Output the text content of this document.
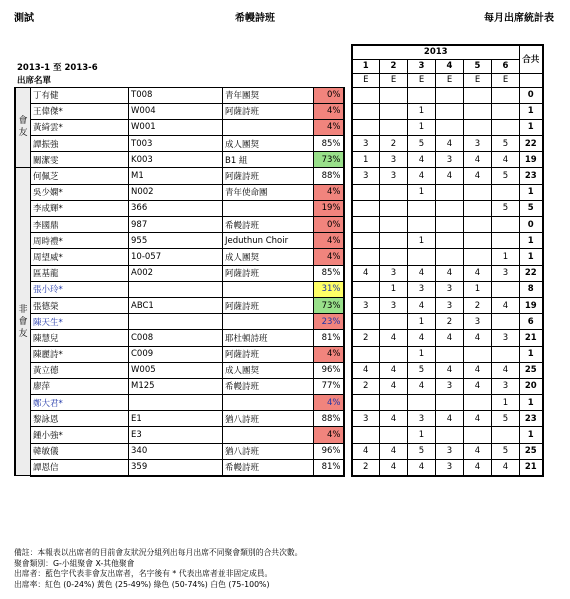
測試	希幔詩班	每月出席統計表
2013-1 至 2013-6						2013						合共
						1	2	3	4	5	6	
出席名單						E	E	E	E	E	E	

會友	丁有健	T008	青年團契	0%								0
	王偉傑*	W004	阿薩詩班	4%				1				1
	黃綺雲*	W001		4%				1				1
	譚振強	T003	成人團契	85%		3	2	5	4	3	5	22
	關潔雯	K003	B1 組	73%		1	3	4	3	4	4	19

非會友	何佩芝	M1	阿薩詩班	88%		3	3	4	4	4	5	23
	吳少嫻*	N002	青年使命團	4%				1				1
	李成輝*	366		19%							5	5
	李國鼎	987	希幔詩班	0%								0
	周時禮*	955	Jeduthun Choir	4%				1				1
	周望威*	10-057	成人團契	4%							1	1
	區基龍	A002	阿薩詩班	85%		4	3	4	4	4	3	22
	張小玲*			31%			1	3	3	1		8
	張德榮	ABC1	阿薩詩班	73%		3	3	4	3	2	4	19
	陳天生*			23%				1	2	3		6
	陳慧兒	C008	耶杜頓詩班	81%		2	4	4	4	4	3	21
	陳麗詩*	C009	阿薩詩班	4%				1				1
	黃立德	W005	成人團契	96%		4	4	5	4	4	4	25
	廖萍	M125	希幔詩班	77%		2	4	4	3	4	3	20
	鄭大君*			4%							1	1
	黎詠恩	E1	猶八詩班	88%		3	4	3	4	4	5	23
	鍾小強*	E3		4%				1				1
	韓敏儀	340	猶八詩班	96%		4	4	5	3	4	5	25
	譚恩信	359	希幔詩班	81%		2	4	4	3	4	4	21
備註：本報表以出席者的目前會友狀況分組列出每月出席不同聚會類別的合共次數。
聚會類別：G-小組聚會 X-其他聚會
出席者：藍色字代表非會友出席者，名字後有 * 代表出席者並非固定成員。
出席率：紅色 (0-24%) 黃色 (25-49%) 綠色 (50-74%) 白色 (75-100%)
